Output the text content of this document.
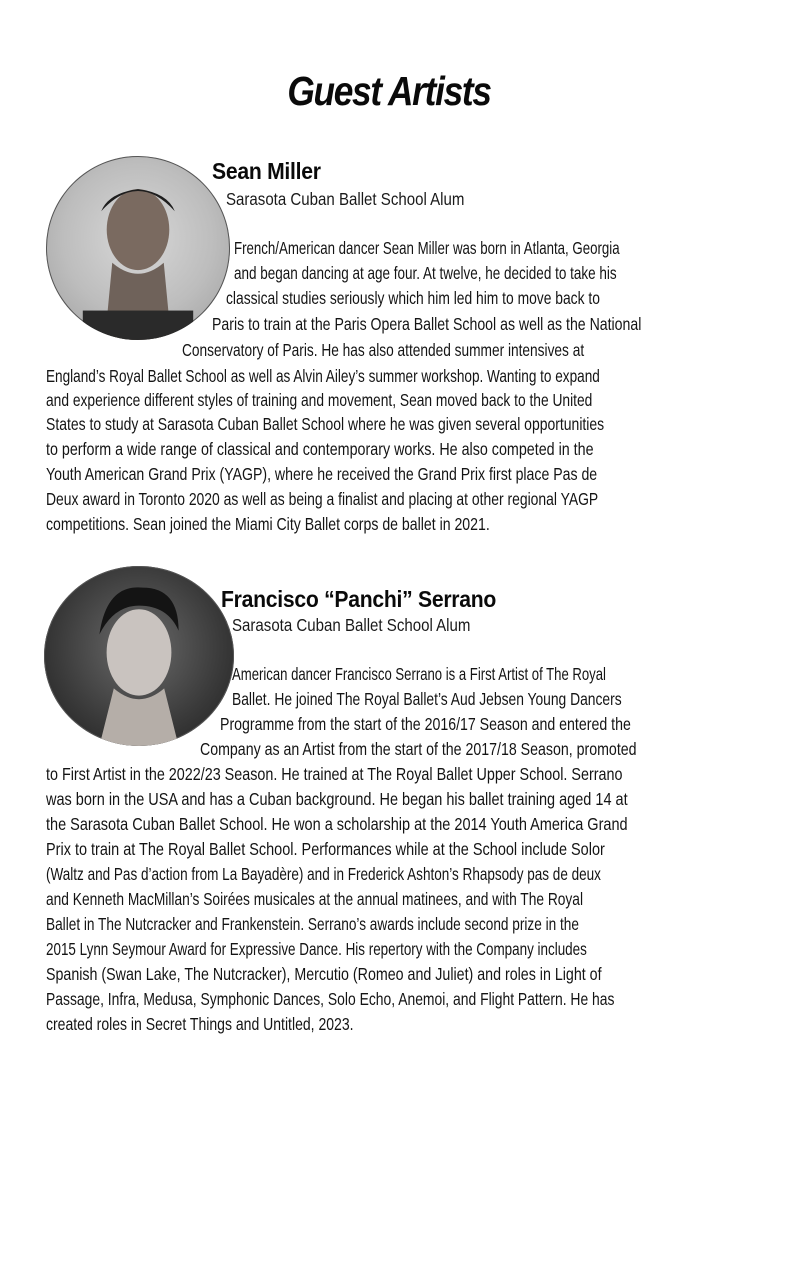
Guest Artists
Sean Miller
Sarasota Cuban Ballet School Alum
French/American dancer Sean Miller was born in Atlanta, Georgia
and began dancing at age four. At twelve, he decided to take his
classical studies seriously which him led him to move back to
Paris to train at the Paris Opera Ballet School as well as the National
Conservatory of Paris. He has also attended summer intensives at
England’s Royal Ballet School as well as Alvin Ailey’s summer workshop. Wanting to expand
and experience different styles of training and movement, Sean moved back to the United
States to study at Sarasota Cuban Ballet School where he was given several opportunities
to perform a wide range of classical and contemporary works. He also competed in the
Youth American Grand Prix (YAGP), where he received the Grand Prix first place Pas de
Deux award in Toronto 2020 as well as being a finalist and placing at other regional YAGP
competitions. Sean joined the Miami City Ballet corps de ballet in 2021.
Francisco “Panchi” Serrano
Sarasota Cuban Ballet School Alum
American dancer Francisco Serrano is a First Artist of The Royal
Ballet. He joined The Royal Ballet’s Aud Jebsen Young Dancers
Programme from the start of the 2016/17 Season and entered the
Company as an Artist from the start of the 2017/18 Season, promoted
to First Artist in the 2022/23 Season. He trained at The Royal Ballet Upper School. Serrano
was born in the USA and has a Cuban background. He began his ballet training aged 14 at
the Sarasota Cuban Ballet School. He won a scholarship at the 2014 Youth America Grand
Prix to train at The Royal Ballet School. Performances while at the School include Solor
(Waltz and Pas d’action from La Bayadère) and in Frederick Ashton’s Rhapsody pas de deux
and Kenneth MacMillan’s Soirées musicales at the annual matinees, and with The Royal
Ballet in The Nutcracker and Frankenstein. Serrano’s awards include second prize in the
2015 Lynn Seymour Award for Expressive Dance. His repertory with the Company includes
Spanish (Swan Lake, The Nutcracker), Mercutio (Romeo and Juliet) and roles in Light of
Passage, Infra, Medusa, Symphonic Dances, Solo Echo, Anemoi, and Flight Pattern. He has
created roles in Secret Things and Untitled, 2023.
